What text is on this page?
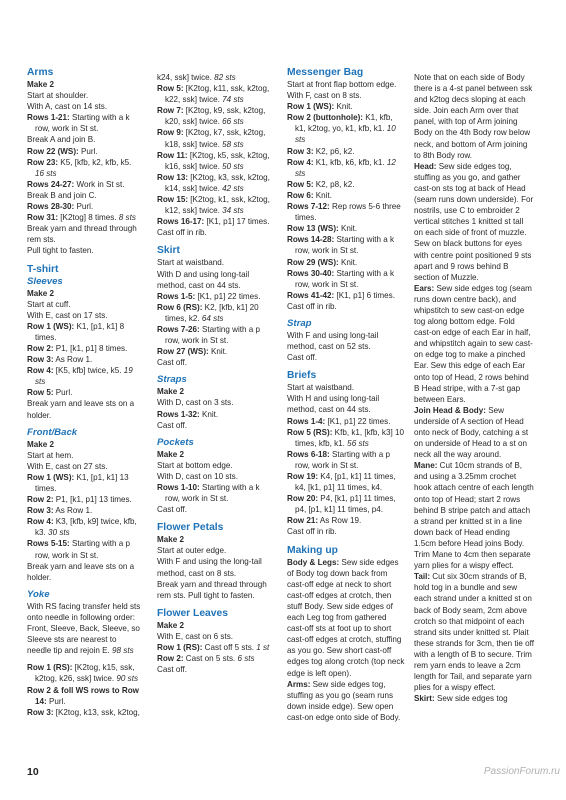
Arms

Make 2

Start at shoulder.

With A, cast on 14 sts.

Rows 1-21: Starting with a k row, work in St st.

Break A and join B.

Row 22 (WS): Purl.

Row 23: K5, [kfb, k2, kfb, k5. 16 sts

Rows 24-27: Work in St st.

Break B and join C.

Rows 28-30: Purl.

Row 31: [K2tog] 8 times. 8 sts

Break yarn and thread through rem sts.

Pull tight to fasten.

T-shirt

Sleeves

Make 2

Start at cuff.

With E, cast on 17 sts.

Row 1 (WS): K1, [p1, k1] 8 times.

Row 2: P1, [k1, p1] 8 times.

Row 3: As Row 1.

Row 4: [K5, kfb] twice, k5. 19 sts

Row 5: Purl.

Break yarn and leave sts on a holder.

Front/Back

Make 2

Start at hem.

With E, cast on 27 sts.

Row 1 (WS): K1, [p1, k1] 13 times.

Row 2: P1, [k1, p1] 13 times.

Row 3: As Row 1.

Row 4: K3, [kfb, k9] twice, kfb, k3. 30 sts

Rows 5-15: Starting with a p row, work in St st.

Break yarn and leave sts on a holder.

Yoke

With RS facing transfer held sts onto needle in following order: Front, Sleeve, Back, Sleeve, so Sleeve sts are nearest to needle tip and rejoin E. 98 sts

Row 1 (RS): [K2tog, k15, ssk, k2tog, k26, ssk] twice. 90 sts

Row 2 & foll WS rows to Row 14: Purl.

Row 3: [K2tog, k13, ssk, k2tog,

k24, ssk] twice. 82 sts

Row 5: [K2tog, k11, ssk, k2tog, k22, ssk] twice. 74 sts

Row 7: [K2tog, k9, ssk, k2tog, k20, ssk] twice. 66 sts

Row 9: [K2tog, k7, ssk, k2tog, k18, ssk] twice. 58 sts

Row 11: [K2tog, k5, ssk, k2tog, k16, ssk] twice. 50 sts

Row 13: [K2tog, k3, ssk, k2tog, k14, ssk] twice. 42 sts

Row 15: [K2tog, k1, ssk, k2tog, k12, ssk] twice. 34 sts

Rows 16-17: [K1, p1] 17 times.

Cast off in rib.

Skirt

Start at waistband.

With D and using long-tail method, cast on 44 sts.

Rows 1-5: [K1, p1] 22 times.

Row 6 (RS): K2, [kfb, k1] 20 times, k2. 64 sts

Rows 7-26: Starting with a p row, work in St st.

Row 27 (WS): Knit.

Cast off.

Straps

Make 2

With D, cast on 3 sts.

Rows 1-32: Knit.

Cast off.

Pockets

Make 2

Start at bottom edge.

With D, cast on 10 sts.

Rows 1-10: Starting with a k row, work in St st.

Cast off.

Flower Petals

Make 2

Start at outer edge.

With F and using the long-tail method, cast on 8 sts.

Break yarn and thread through rem sts. Pull tight to fasten.

Flower Leaves

Make 2

With E, cast on 6 sts.

Row 1 (RS): Cast off 5 sts. 1 st

Row 2: Cast on 5 sts. 6 sts

Cast off.

Messenger Bag

Start at front flap bottom edge.

With F, cast on 8 sts.

Row 1 (WS): Knit.

Row 2 (buttonhole): K1, kfb, k1, k2tog, yo, k1, kfb, k1. 10 sts

Row 3: K2, p6, k2.

Row 4: K1, kfb, k6, kfb, k1. 12 sts

Row 5: K2, p8, k2.

Row 6: Knit.

Rows 7-12: Rep rows 5-6 three times.

Row 13 (WS): Knit.

Rows 14-28: Starting with a k row, work in St st.

Row 29 (WS): Knit.

Rows 30-40: Starting with a k row, work in St st.

Rows 41-42: [K1, p1] 6 times.

Cast off in rib.

Strap

With F and using long-tail method, cast on 52 sts.

Cast off.

Briefs

Start at waistband.

With H and using long-tail method, cast on 44 sts.

Rows 1-4: [K1, p1] 22 times.

Row 5 (RS): Kfb, k1, [kfb, k3] 10 times, kfb, k1. 56 sts

Rows 6-18: Starting with a p row, work in St st.

Row 19: K4, [p1, k1] 11 times, k4, [k1, p1] 11 times, k4.

Row 20: P4, [k1, p1] 11 times, p4, [p1, k1] 11 times, p4.

Row 21: As Row 19.

Cast off in rib.

Making up

Body & Legs: Sew side edges of Body tog down back from cast-off edge at neck to short cast-off edges at crotch, then stuff Body. Sew side edges of each Leg tog from gathered cast-off sts at foot up to short cast-off edges at crotch, stuffing as you go. Sew short cast-off edges tog along crotch (top neck edge is left open).

Arms: Sew side edges tog, stuffing as you go (seam runs down inside edge). Sew open cast-on edge onto side of Body.

Note that on each side of Body there is a 4-st panel between ssk and k2tog decs sloping at each side. Join each Arm over that panel, with top of Arm joining Body on the 4th Body row below neck, and bottom of Arm joining to 8th Body row.

Head: Sew side edges tog, stuffing as you go, and gather cast-on sts tog at back of Head (seam runs down underside). For nostrils, use C to embroider 2 vertical stitches 1 knitted st tall on each side of front of muzzle. Sew on black buttons for eyes with centre point positioned 9 sts apart and 9 rows behind B section of Muzzle.

Ears: Sew side edges tog (seam runs down centre back), and whipstitch to sew cast-on edge tog along bottom edge. Fold cast-on edge of each Ear in half, and whipstitch again to sew cast-on edge tog to make a pinched Ear. Sew this edge of each Ear onto top of Head, 2 rows behind B Head stripe, with a 7-st gap between Ears.

Join Head & Body: Sew underside of A section of Head onto neck of Body, catching a st on underside of Head to a st on neck all the way around.

Mane: Cut 10cm strands of B, and using a 3.25mm crochet hook attach centre of each length onto top of Head; start 2 rows behind B stripe patch and attach a strand per knitted st in a line down back of Head ending 1.5cm before Head joins Body. Trim Mane to 4cm then separate yarn plies for a wispy effect.

Tail: Cut six 30cm strands of B, hold tog in a bundle and sew each strand under a knitted st on back of Body seam, 2cm above crotch so that midpoint of each strand sits under knitted st. Plait these strands for 3cm, then tie off with a length of B to secure. Trim rem yarn ends to leave a 2cm length for Tail, and separate yarn plies for a wispy effect.

Skirt: Sew side edges tog

10	PassionForum.ru
